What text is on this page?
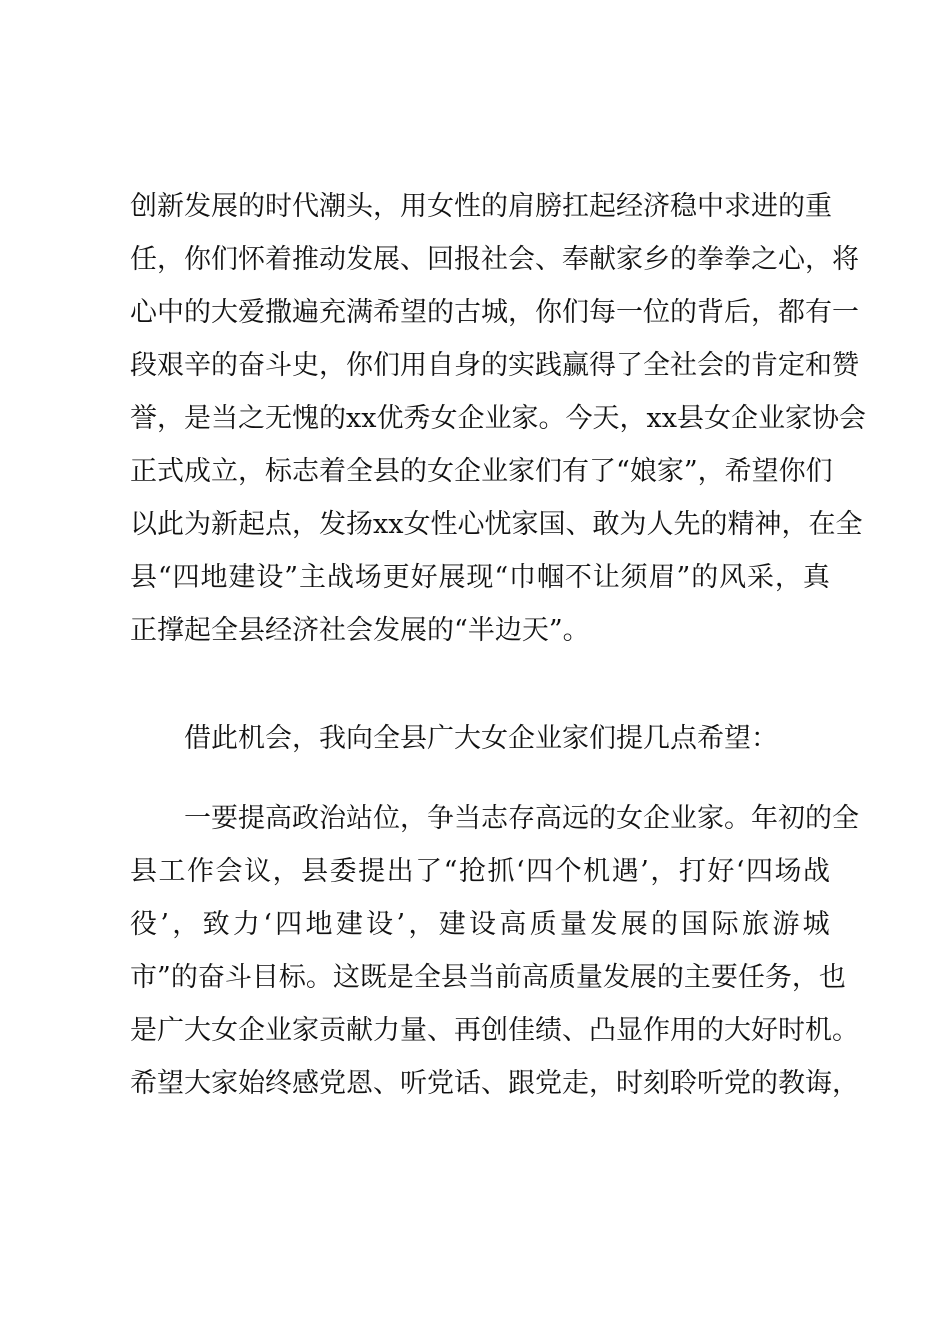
创 新 发 展 的 时 代 潮 头 ， 用 女 性 的 肩 膀 扛 起 经 济 稳 中 求 进 的 重
任 ， 你 们 怀 着 推 动 发 展 、 回 报 社 会 、 奉 献 家 乡 的 拳 拳 之 心 ， 将
心 中 的 大 爱 撒 遍 充 满 希 望 的 古 城 ， 你 们 每 一 位 的 背 后 ， 都 有 一
段 艰 辛 的 奋 斗 史 ， 你 们 用 自 身 的 实 践 赢 得 了 全 社 会 的 肯 定 和 赞
誉 ， 是 当 之 无 愧 的 xx 优 秀 女 企 业 家 。 今 天 ， xx 县 女 企 业 家 协 会
正 式 成 立 ， 标 志 着 全 县 的 女 企 业 家 们 有 了 “ 娘 家 ” ， 希 望 你 们
以 此 为 新 起 点 ， 发 扬 xx 女 性 心 忧 家 国 、 敢 为 人 先 的 精 神 ， 在 全
县 “ 四 地 建 设 ” 主 战 场 更 好 展 现 “ 巾 帼 不 让 须 眉 ” 的 风 采 ， 真
正 撑 起 全 县 经 济 社 会 发 展 的 “ 半 边 天 ” 。
借 此 机 会 ， 我 向 全 县 广 大 女 企 业 家 们 提 几 点 希 望 ：
一 要 提 高 政 治 站 位 ， 争 当 志 存 高 远 的 女 企 业 家 。 年 初 的 全
县 工 作 会 议 ， 县 委 提 出 了 “ 抢 抓 ‘ 四 个 机 遇 ’ ， 打 好 ‘ 四 场 战
役 ’ ， 致 力 ‘ 四 地 建 设 ’ ， 建 设 高 质 量 发 展 的 国 际 旅 游 城
市 ” 的 奋 斗 目 标 。 这 既 是 全 县 当 前 高 质 量 发 展 的 主 要 任 务 ， 也
是 广 大 女 企 业 家 贡 献 力 量 、 再 创 佳 绩 、 凸 显 作 用 的 大 好 时 机 。
希 望 大 家 始 终 感 党 恩 、 听 党 话 、 跟 党 走 ， 时 刻 聆 听 党 的 教 诲 ，
